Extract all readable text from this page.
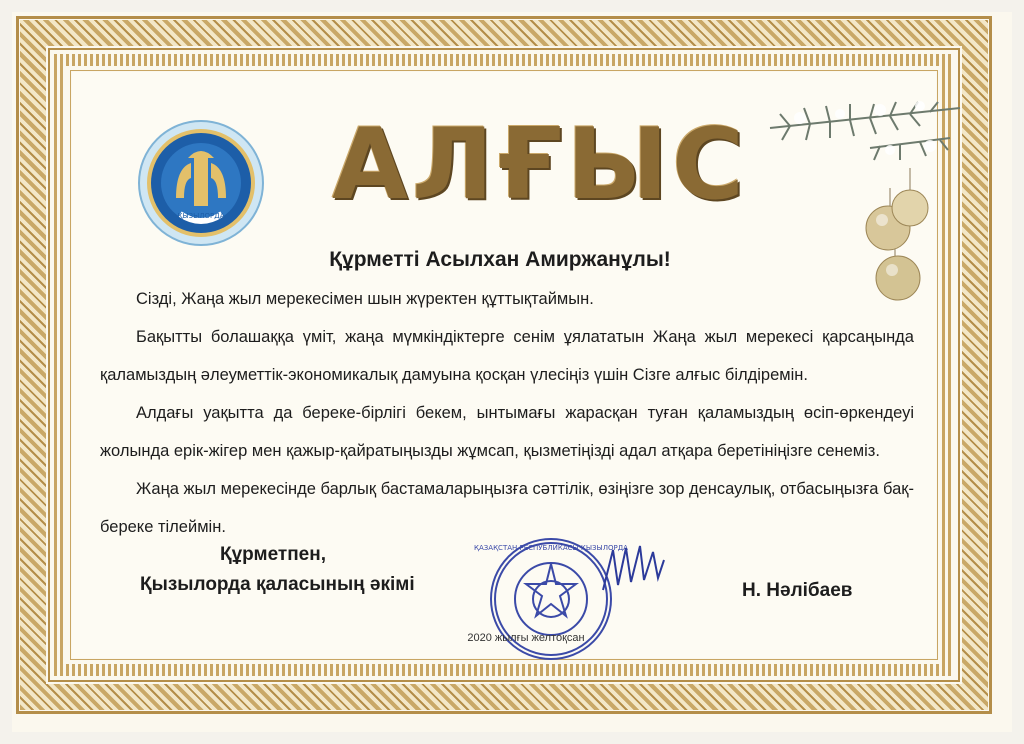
ҚЫЗЫЛОРДА	АЛҒЫС
Құрметті Асылхан Амиржанұлы!

Сізді, Жаңа жыл мерекесімен шын жүректен құттықтаймын.

Бақытты болашаққа үміт, жаңа мүмкіндіктерге сенім ұялататын Жаңа жыл мерекесі қарсаңында қаламыздың әлеуметтік-экономикалық дамуына қосқан үлесіңіз үшін Сізге алғыс білдіремін.

Алдағы уақытта да береке-бірлігі бекем, ынтымағы жарасқан туған қаламыздың өсіп-өркендеуі жолында ерік-жігер мен қажыр-қайратыңызды жұмсап, қызметіңізді адал атқара беретініңізге сенеміз.

Жаңа жыл мерекесінде барлық бастамаларыңызға сәттілік, өзіңізге зор денсаулық, отбасыңызға бақ-береке тілеймін.

Құрметпен,
Қызылорда қаласының әкімі
ҚАЗАҚСТАН РЕСПУБЛИКАСЫ ҚЫЗЫЛОРДА
Н. Нәлібаев
2020 жылғы желтоқсан
